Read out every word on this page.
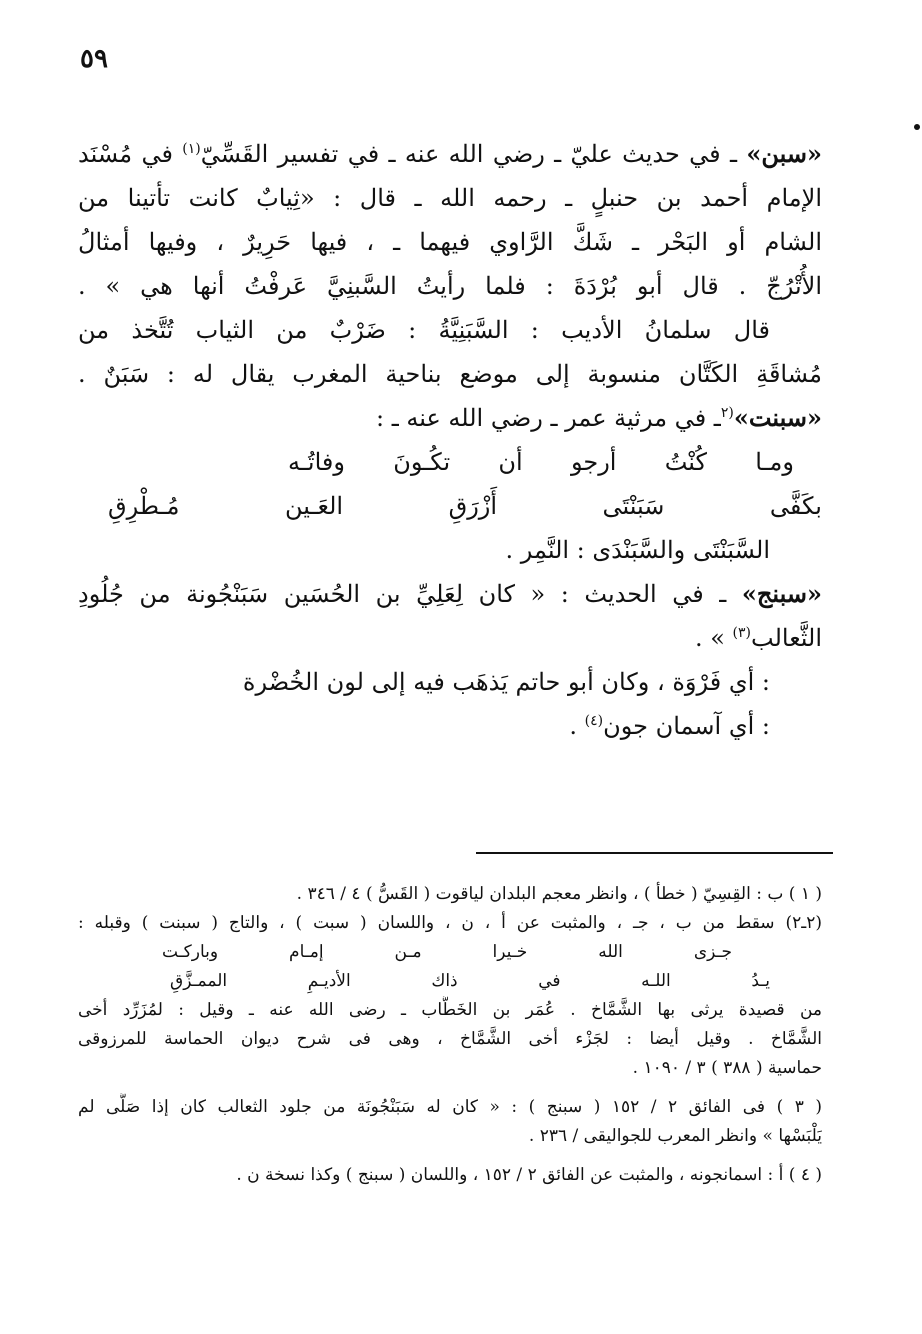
٥٩
«سبن» ـ في حديث عليّ ـ رضي الله عنه ـ في تفسير القَسِّيّ$^{(١)}$ في مُسْنَد
الإمام أحمد بن حنبلٍ ـ رحمه الله ـ قال : «ثِيابٌ كانت تأتينا من
الشام أو البَحْر ـ شَكَّ الرَّاوي فيهما ـ ، فيها حَرِيرٌ ، وفيها أمثالُ
الأُتْرُجّ . قال أبو بُرْدَةَ : فلما رأيتُ السَّبنِيَّ عَرفْتُ أنها هي » .
قال سلمانُ الأديب : السَّبَنِيَّةُ : ضَرْبٌ من الثياب تُتَّخذ من
مُشاقَةِ الكَتَّان منسوبة إلى موضع بناحية المغرب يقال له : سَبَنٌ .
«سبنت»$^{(٢}$ـ في مرثية عمر ـ رضي الله عنه ـ :
ومـا كُنْتُ أرجو أن تكُـونَ وفاتُـه
بكَفَّى سَبَنْتَى أَزْرَقِ العَـين مُـطْرِقِ
السَّبَنْتَى والسَّبَنْدَى : النَّمِر .
«سبنج» ـ في الحديث : « كان لِعَلِيِّ بن الحُسَين سَبَنْجُونة من جُلُودِ
الثَّعالب$^{(٣)}$ » .
: أي فَرْوَة ، وكان أبو حاتم يَذهَب فيه إلى لون الخُضْرة
: أي آسمان جون$^{(٤)}$ .
( ١ ) ب : القِسِيّ ( خطأ ) ، وانظر معجم البلدان لياقوت ( القَسُّ ) ٤ / ٣٤٦ .
(٢ـ٢) سقط من ب ، جـ ، والمثبت عن أ ، ن ، واللسان ( سبت ) ، والتاج ( سبنت ) وقبله :
جـزى الله خـيرا مـن إمـام وباركـت
يـدُ اللـه في ذاك الأديـمِ الممـزَّقِ
من قصيدة يرثى بها الشَّمَّاخ . عُمَر بن الخَطَّاب ـ رضى الله عنه ـ وقيل : لمُزَرِّد أخى
الشَّمَّاخ . وقيل أيضا : لجَزْء أخى الشَّمَّاخ ، وهى فى شرح ديوان الحماسة للمرزوقى
حماسية ( ٣٨٨ ) ٣ / ١٠٩٠ .
( ٣ ) فى الفائق ٢ / ١٥٢ ( سبنج ) : « كان له سَبَنْجُونَة من جلود الثعالب كان إذا صَلَّى لم
يَلْبَسْها » وانظر المعرب للجواليقى / ٢٣٦ .
( ٤ ) أ : اسمانجونه ، والمثبت عن الفائق ٢ / ١٥٢ ، واللسان ( سبنج ) وكذا نسخة ن .
